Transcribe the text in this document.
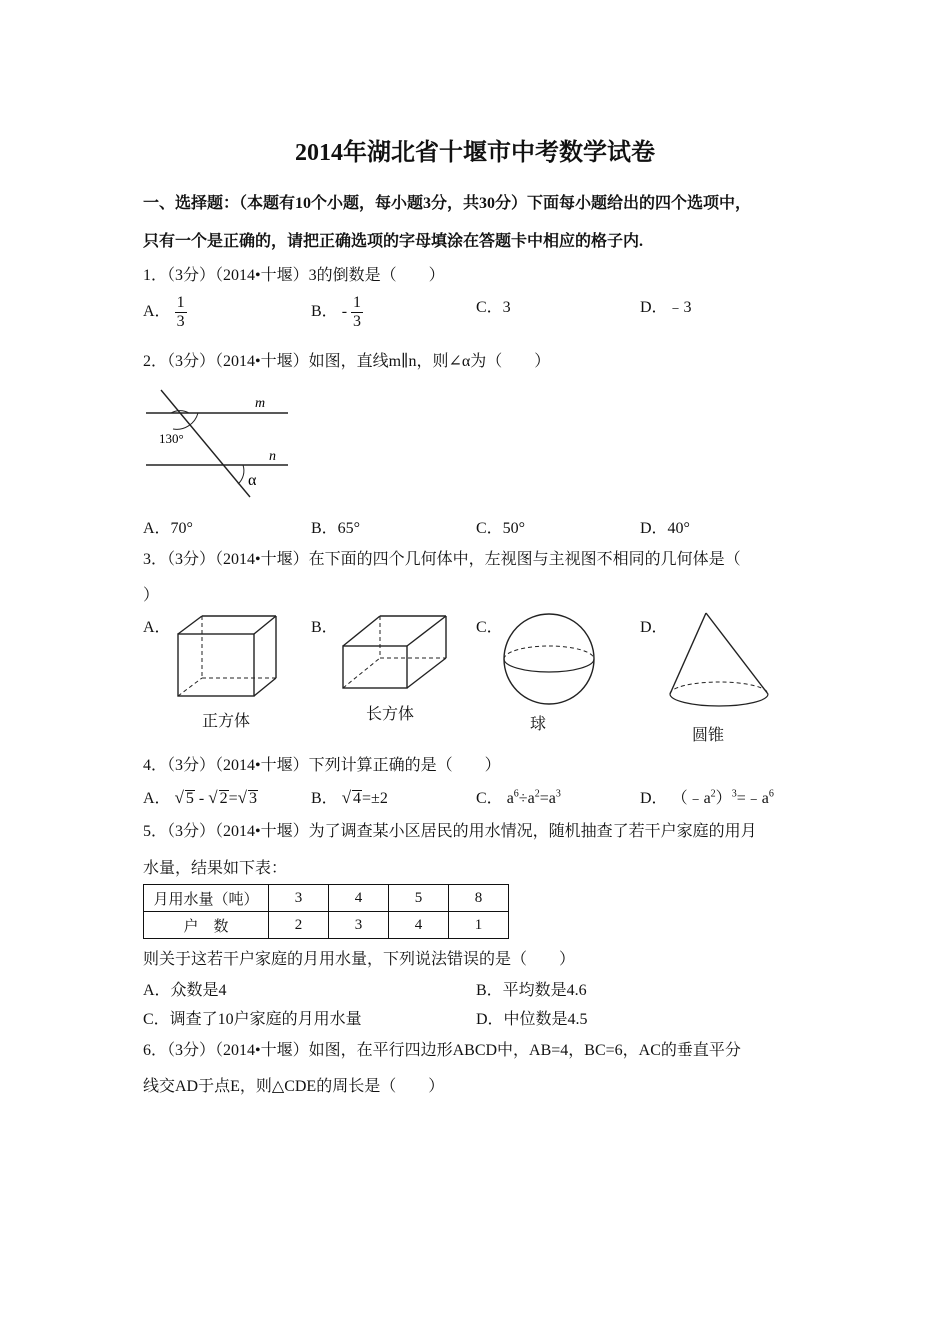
2014年湖北省十堰市中考数学试卷
一、选择题：（本题有10个小题，每小题3分，共30分）下面每小题给出的四个选项中，
只有一个是正确的，请把正确选项的字母填涂在答题卡中相应的格子内.
1．（3分）（2014•十堰）3的倒数是（　　）
A． $\frac{1}{3}$	B． - $\frac{1}{3}$	C．3	D．﹣3
2．（3分）（2014•十堰）如图，直线m∥n，则∠α为（　　）
m
n
130°
α
A．70°	B．65°	C．50°	D．40°
3．（3分）（2014•十堰）在下面的四个几何体中，左视图与主视图不相同的几何体是（
）
A．
正方体
B．
长方体
C．
球
D．
圆锥
4．（3分）（2014•十堰）下列计算正确的是（　　）
A． √ 5 - √ 2=√ 3	B． √ 4=±2	C． $a^6\div a^2=a^3$	D． $(﹣a^2)^3=﹣a^6$
5．（3分）（2014•十堰）为了调查某小区居民的用水情况，随机抽查了若干户家庭的用月
水量，结果如下表：
月用水量（吨）	3	4	5	8
户　数	2	3	4	1
则关于这若干户家庭的月用水量，下列说法错误的是（　　）
A．众数是4	B．平均数是4.6
C．调查了10户家庭的月用水量	D．中位数是4.5
6．（3分）（2014•十堰）如图，在平行四边形ABCD中，AB=4，BC=6，AC的垂直平分
线交AD于点E，则△CDE的周长是（　　）
